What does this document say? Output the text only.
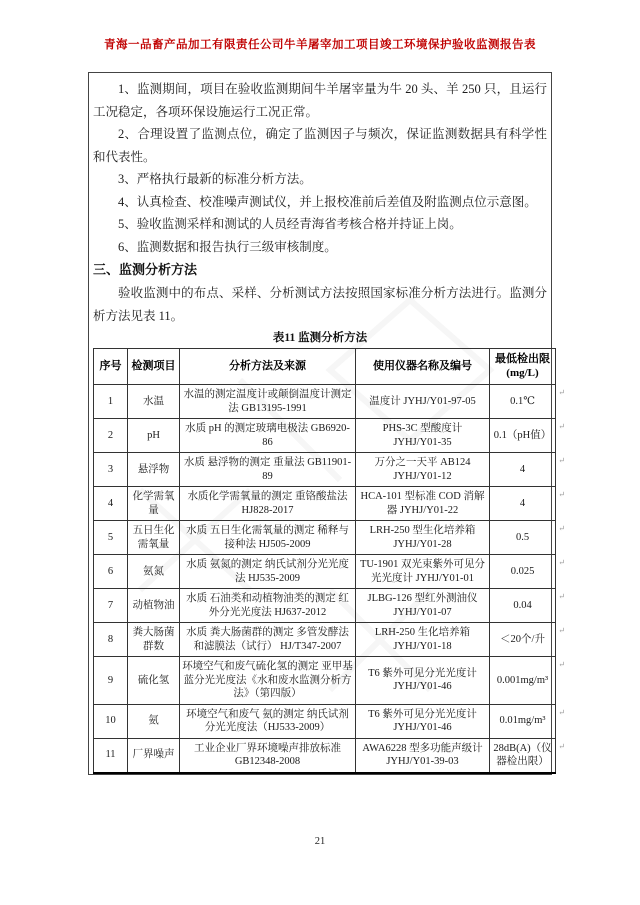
青海一品畜产品加工有限责任公司牛羊屠宰加工项目竣工环境保护验收监测报告表

1、监测期间，项目在验收监测期间牛羊屠宰量为牛 20 头、羊 250 只，且运行工况稳定，各项环保设施运行工况正常。

2、合理设置了监测点位，确定了监测因子与频次，保证监测数据具有科学性和代表性。

3、严格执行最新的标准分析方法。

4、认真检查、校准噪声测试仪，并上报校准前后差值及附监测点位示意图。

5、验收监测采样和测试的人员经青海省考核合格并持证上岗。

6、监测数据和报告执行三级审核制度。

三、监测分析方法

验收监测中的布点、采样、分析测试方法按照国家标准分析方法进行。监测分析方法见表 11。

表11 监测分析方法
序号	检测项目	分析方法及来源	使用仪器名称及编号	最低检出限(mg/L)
1	水温	水温的测定温度计或颠倒温度计测定法 GB13195-1991	温度计 JYHJ/Y01-97-05	0.1℃ ↵
2	pH	水质 pH 的测定玻璃电极法 GB6920-86	PHS-3C 型酸度计 JYHJ/Y01-35	0.1（pH值） ↵
3	悬浮物	水质 悬浮物的测定 重量法 GB11901-89	万分之一天平 AB124 JYHJ/Y01-12	4 ↵
4	化学需氧量	水质化学需氧量的测定 重铬酸盐法 HJ828-2017	HCA-101 型标准 COD 消解器 JYHJ/Y01-22	4 ↵
5	五日生化需氧量	水质 五日生化需氧量的测定 稀释与接种法 HJ505-2009	LRH-250 型生化培养箱 JYHJ/Y01-28	0.5 ↵
6	氨氮	水质 氨氮的测定 纳氏试剂分光光度法 HJ535-2009	TU-1901 双光束紫外可见分光光度计 JYHJ/Y01-01	0.025 ↵
7	动植物油	水质 石油类和动植物油类的测定 红外分光光度法 HJ637-2012	JLBG-126 型红外测油仪 JYHJ/Y01-07	0.04 ↵
8	粪大肠菌群数	水质 粪大肠菌群的测定 多管发酵法和滤膜法（试行） HJ/T347-2007	LRH-250 生化培养箱 JYHJ/Y01-18	＜20个/升 ↵
9	硫化氢	环境空气和废气硫化氢的测定 亚甲基蓝分光光度法《水和废水监测分析方法》（第四版）	T6 紫外可见分光光度计 JYHJ/Y01-46	0.001mg/m³ ↵
10	氨	环境空气和废气 氨的测定 纳氏试剂分光光度法（HJ533-2009）	T6 紫外可见分光光度计 JYHJ/Y01-46	0.01mg/m³ ↵
11	厂界噪声	工业企业厂界环境噪声排放标准 GB12348-2008	AWA6228 型多功能声级计 JYHJ/Y01-39-03	28dB(A)（仪器检出限） ↵
21
